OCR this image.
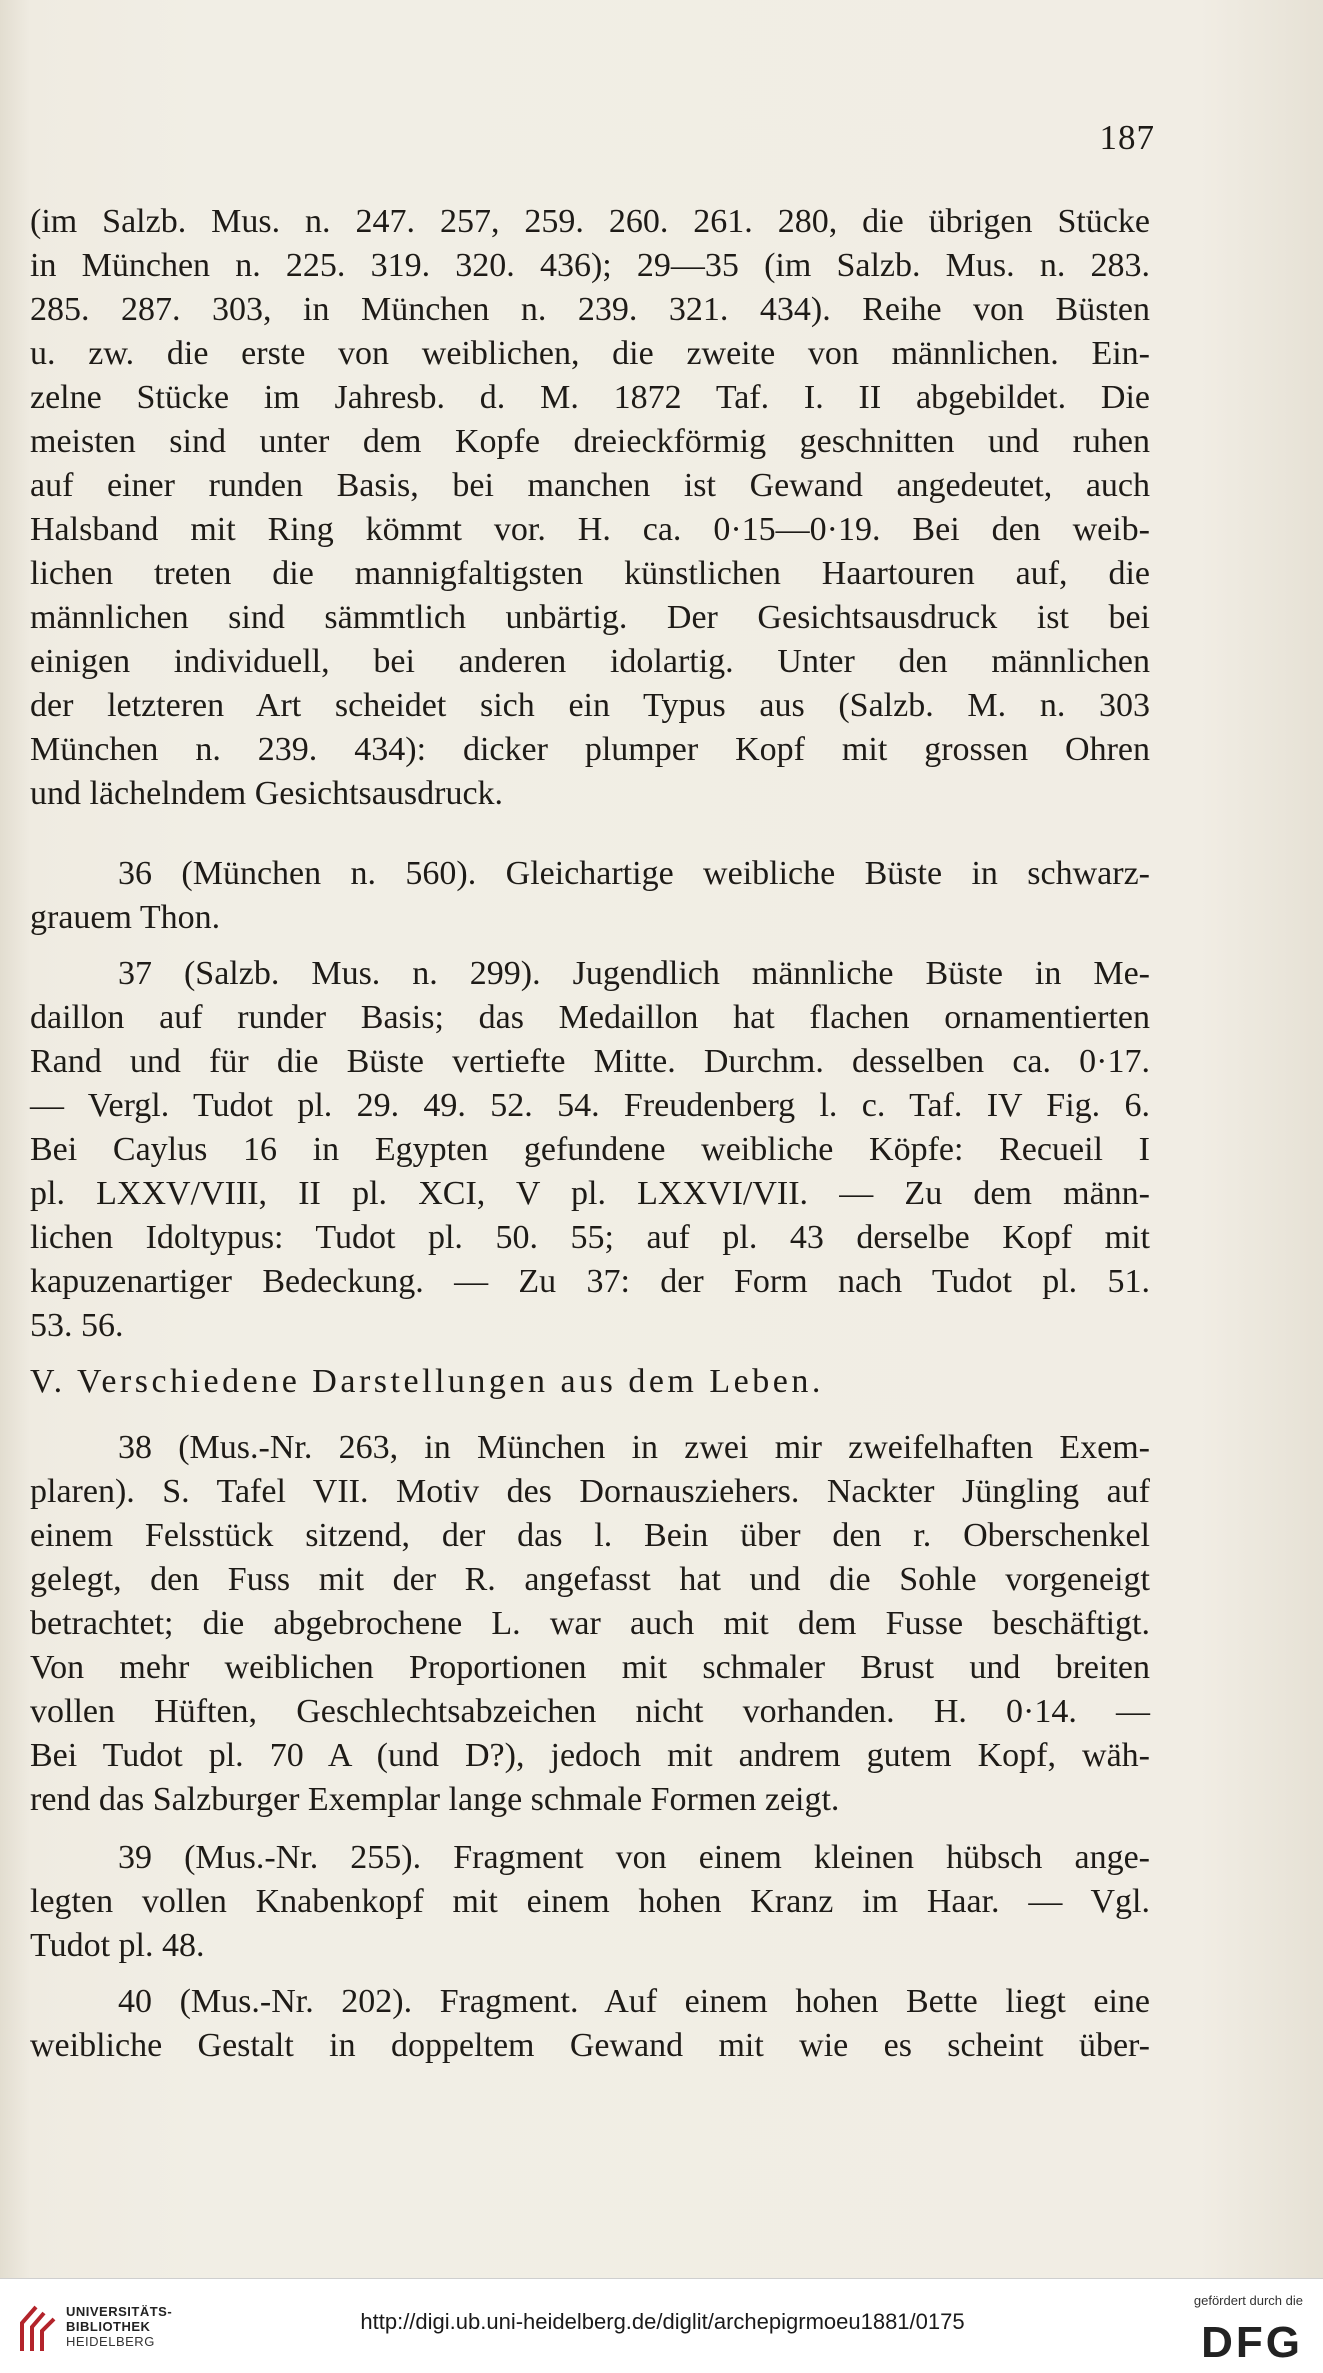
187
(im Salzb. Mus. n. 247. 257, 259. 260. 261. 280, die übrigen Stücke
in München n. 225. 319. 320. 436); 29—35 (im Salzb. Mus. n. 283.
285. 287. 303, in München n. 239. 321. 434). Reihe von Büsten
u. zw. die erste von weiblichen, die zweite von männlichen. Ein-
zelne Stücke im Jahresb. d. M. 1872 Taf. I. II abgebildet. Die
meisten sind unter dem Kopfe dreieckförmig geschnitten und ruhen
auf einer runden Basis, bei manchen ist Gewand angedeutet, auch
Halsband mit Ring kömmt vor. H. ca. 0·15—0·19. Bei den weib-
lichen treten die mannigfaltigsten künstlichen Haartouren auf, die
männlichen sind sämmtlich unbärtig. Der Gesichtsausdruck ist bei
einigen individuell, bei anderen idolartig. Unter den männlichen
der letzteren Art scheidet sich ein Typus aus (Salzb. M. n. 303
München n. 239. 434): dicker plumper Kopf mit grossen Ohren
und lächelndem Gesichtsausdruck.
36 (München n. 560). Gleichartige weibliche Büste in schwarz-
grauem Thon.
37 (Salzb. Mus. n. 299). Jugendlich männliche Büste in Me-
daillon auf runder Basis; das Medaillon hat flachen ornamentierten
Rand und für die Büste vertiefte Mitte. Durchm. desselben ca. 0·17.
— Vergl. Tudot pl. 29. 49. 52. 54. Freudenberg l. c. Taf. IV Fig. 6.
Bei Caylus 16 in Egypten gefundene weibliche Köpfe: Recueil I
pl. LXXV/VIII, II pl. XCI, V pl. LXXVI/VII. — Zu dem männ-
lichen Idoltypus: Tudot pl. 50. 55; auf pl. 43 derselbe Kopf mit
kapuzenartiger Bedeckung. — Zu 37: der Form nach Tudot pl. 51.
53. 56.
V. Verschiedene Darstellungen aus dem Leben.
38 (Mus.-Nr. 263, in München in zwei mir zweifelhaften Exem-
plaren). S. Tafel VII. Motiv des Dornausziehers. Nackter Jüngling auf
einem Felsstück sitzend, der das l. Bein über den r. Oberschenkel
gelegt, den Fuss mit der R. angefasst hat und die Sohle vorgeneigt
betrachtet; die abgebrochene L. war auch mit dem Fusse beschäftigt.
Von mehr weiblichen Proportionen mit schmaler Brust und breiten
vollen Hüften, Geschlechtsabzeichen nicht vorhanden. H. 0·14. —
Bei Tudot pl. 70 A (und D?), jedoch mit andrem gutem Kopf, wäh-
rend das Salzburger Exemplar lange schmale Formen zeigt.
39 (Mus.-Nr. 255). Fragment von einem kleinen hübsch ange-
legten vollen Knabenkopf mit einem hohen Kranz im Haar. — Vgl.
Tudot pl. 48.
40 (Mus.-Nr. 202). Fragment. Auf einem hohen Bette liegt eine
weibliche Gestalt in doppeltem Gewand mit wie es scheint über-
UNIVERSITÄTS-
BIBLIOTHEK
HEIDELBERG
http://digi.ub.uni-heidelberg.de/diglit/archepigrmoeu1881/0175
gefördert durch die
DFG
